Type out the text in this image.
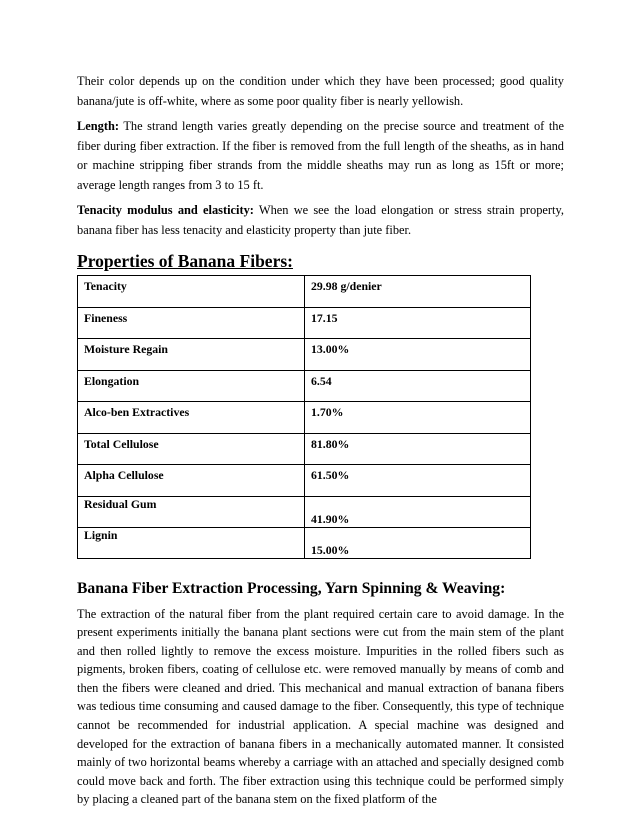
Their color depends up on the condition under which they have been processed; good quality banana/jute is off-white, where as some poor quality fiber is nearly yellowish.

Length: The strand length varies greatly depending on the precise source and treatment of the fiber during fiber extraction. If the fiber is removed from the full length of the sheaths, as in hand or machine stripping fiber strands from the middle sheaths may run as long as 15ft or more; average length ranges from 3 to 15 ft.

Tenacity modulus and elasticity: When we see the load elongation or stress strain property, banana fiber has less tenacity and elasticity property than jute fiber.

Properties of Banana Fibers:
Tenacity	29.98 g/denier
Fineness	17.15
Moisture Regain	13.00%
Elongation	6.54
Alco-ben Extractives	1.70%
Total Cellulose	81.80%
Alpha Cellulose	61.50%
Residual Gum	41.90%

Lignin	15.00%
Banana Fiber Extraction Processing, Yarn Spinning & Weaving:

The extraction of the natural fiber from the plant required certain care to avoid damage. In the present experiments initially the banana plant sections were cut from the main stem of the plant and then rolled lightly to remove the excess moisture. Impurities in the rolled fibers such as pigments, broken fibers, coating of cellulose etc. were removed manually by means of comb and then the fibers were cleaned and dried. This mechanical and manual extraction of banana fibers was tedious time consuming and caused damage to the fiber. Consequently, this type of technique cannot be recommended for industrial application. A special machine was designed and developed for the extraction of banana fibers in a mechanically automated manner. It consisted mainly of two horizontal beams whereby a carriage with an attached and specially designed comb could move back and forth. The fiber extraction using this technique could be performed simply by placing a cleaned part of the banana stem on the fixed platform of the
